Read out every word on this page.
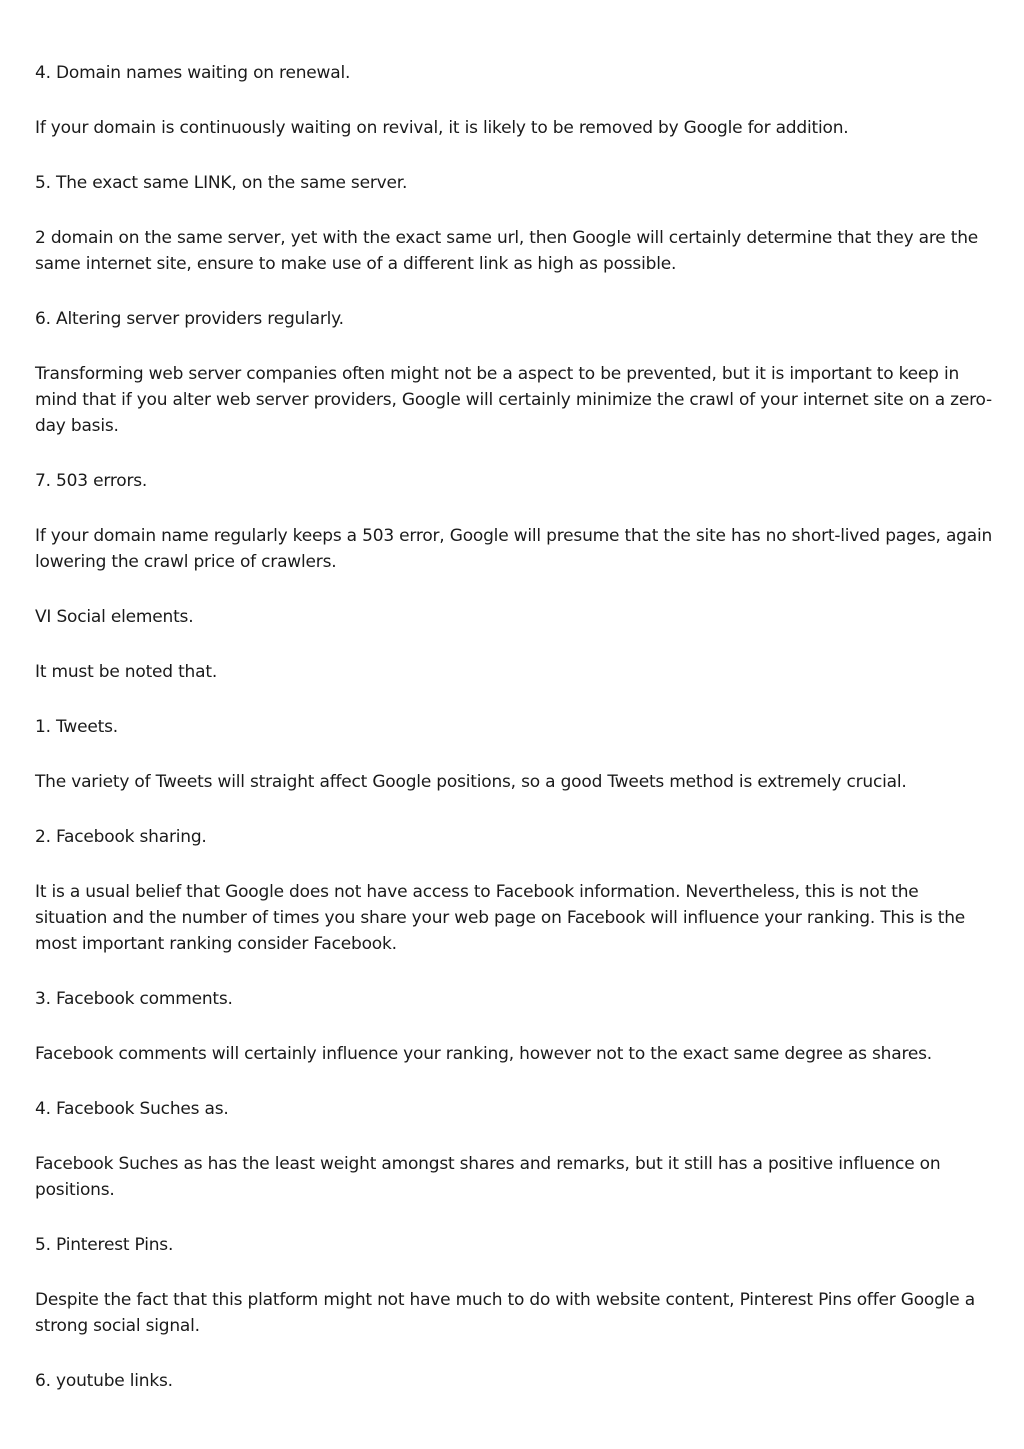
4. Domain names waiting on renewal.

If your domain is continuously waiting on revival, it is likely to be removed by Google for addition.

5. The exact same LINK, on the same server.

2 domain on the same server, yet with the exact same url, then Google will certainly determine that they are the same internet site, ensure to make use of a different link as high as possible.

6. Altering server providers regularly.

Transforming web server companies often might not be a aspect to be prevented, but it is important to keep in mind that if you alter web server providers, Google will certainly minimize the crawl of your internet site on a zero-day basis.

7. 503 errors.

If your domain name regularly keeps a 503 error, Google will presume that the site has no short-lived pages, again lowering the crawl price of crawlers.

VI Social elements.

It must be noted that.

1. Tweets.

The variety of Tweets will straight affect Google positions, so a good Tweets method is extremely crucial.

2. Facebook sharing.

It is a usual belief that Google does not have access to Facebook information. Nevertheless, this is not the situation and the number of times you share your web page on Facebook will influence your ranking. This is the most important ranking consider Facebook.

3. Facebook comments.

Facebook comments will certainly influence your ranking, however not to the exact same degree as shares.

4. Facebook Suches as.

Facebook Suches as has the least weight amongst shares and remarks, but it still has a positive influence on positions.

5. Pinterest Pins.

Despite the fact that this platform might not have much to do with website content, Pinterest Pins offer Google a strong social signal.

6. youtube links.
